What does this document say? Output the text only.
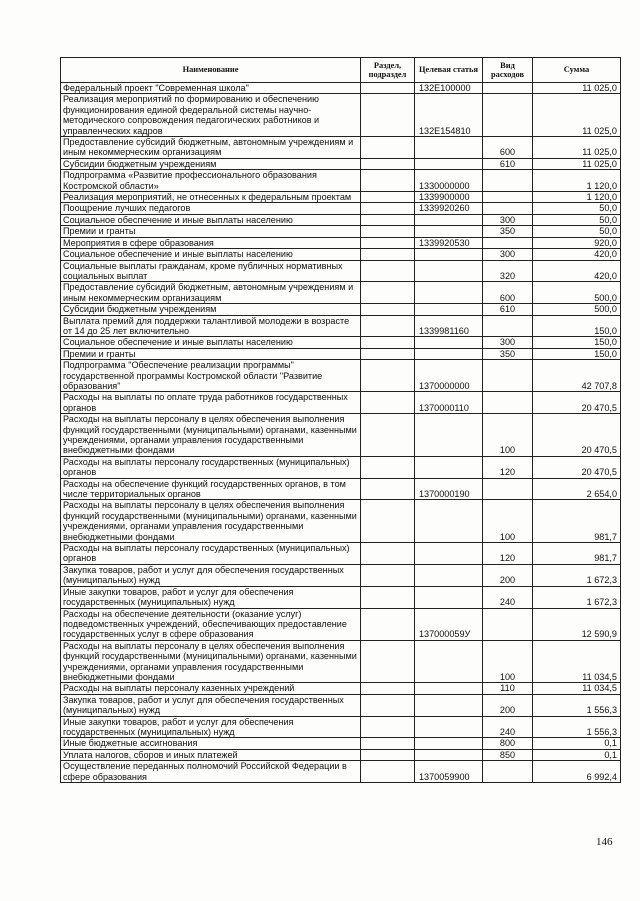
Наименование	Раздел, подраздел	Целевая статья	Вид расходов	Сумма
Федеральный проект "Современная школа"		132E100000		11 025,0
Реализация мероприятий по формированию и обеспечению функционирования единой федеральной системы научно-методического сопровождения педагогических работников и управленческих кадров		132E154810		11 025,0
Предоставление субсидий бюджетным, автономным учреждениям и иным некоммерческим организациям			600	11 025,0
Субсидии бюджетным учреждениям			610	11 025,0
Подпрограмма «Развитие профессионального образования Костромской области»		1330000000		1 120,0
Реализация мероприятий, не отнесенных к федеральным проектам		1339900000		1 120,0
Поощрение лучших педагогов		1339920260		50,0
Социальное обеспечение и иные выплаты населению			300	50,0
Премии и гранты			350	50,0
Мероприятия в сфере образования		1339920530		920,0
Социальное обеспечение и иные выплаты населению			300	420,0
Социальные выплаты гражданам, кроме публичных нормативных социальных выплат			320	420,0
Предоставление субсидий бюджетным, автономным учреждениям и иным некоммерческим организациям			600	500,0
Субсидии бюджетным учреждениям			610	500,0
Выплата премий для поддержки талантливой молодежи в возрасте от 14 до 25 лет включительно		1339981160		150,0
Социальное обеспечение и иные выплаты населению			300	150,0
Премии и гранты			350	150,0
Подпрограмма "Обеспечение реализации программы" государственной программы Костромской области "Развитие образования"		1370000000		42 707,8
Расходы на выплаты по оплате труда работников государственных органов		1370000110		20 470,5
Расходы на выплаты персоналу в целях обеспечения выполнения функций государственными (муниципальными) органами, казенными учреждениями, органами управления государственными внебюджетными фондами			100	20 470,5
Расходы на выплаты персоналу государственных (муниципальных) органов			120	20 470,5
Расходы на обеспечение функций государственных органов, в том числе территориальных органов		1370000190		2 654,0
Расходы на выплаты персоналу в целях обеспечения выполнения функций государственными (муниципальными) органами, казенными учреждениями, органами управления государственными внебюджетными фондами			100	981,7
Расходы на выплаты персоналу государственных (муниципальных) органов			120	981,7
Закупка товаров, работ и услуг для обеспечения государственных (муниципальных) нужд			200	1 672,3
Иные закупки товаров, работ и услуг для обеспечения государственных (муниципальных) нужд			240	1 672,3
Расходы на обеспечение деятельности (оказание услуг) подведомственных учреждений, обеспечивающих предоставление государственных услуг в сфере образования		137000059У		12 590,9
Расходы на выплаты персоналу в целях обеспечения выполнения функций государственными (муниципальными) органами, казенными учреждениями, органами управления государственными внебюджетными фондами			100	11 034,5
Расходы на выплаты персоналу казенных учреждений			110	11 034,5
Закупка товаров, работ и услуг для обеспечения государственных (муниципальных) нужд			200	1 556,3
Иные закупки товаров, работ и услуг для обеспечения государственных (муниципальных) нужд			240	1 556,3
Иные бюджетные ассигнования			800	0,1
Уплата налогов, сборов и иных платежей			850	0,1
Осуществление переданных полномочий Российской Федерации в сфере образования		1370059900		6 992,4
146
